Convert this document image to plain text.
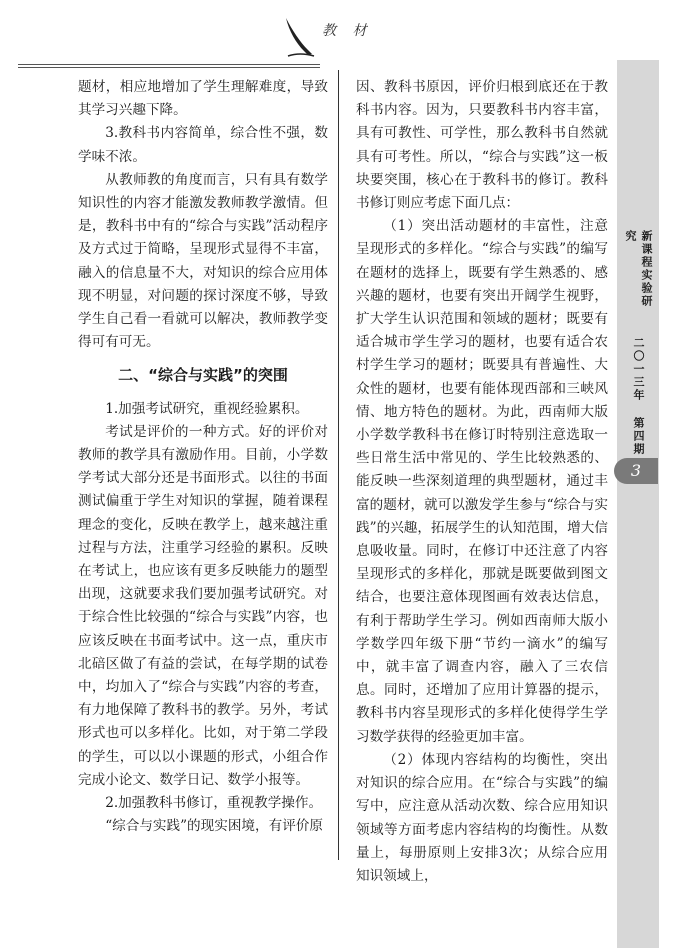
教 材

题材，相应地增加了学生理解难度，导致其学习兴趣下降。

3.教科书内容简单，综合性不强，数学味不浓。

从教师教的角度而言，只有具有数学知识性的内容才能激发教师教学激情。但是，教科书中有的“综合与实践”活动程序及方式过于简略，呈现形式显得不丰富，融入的信息量不大，对知识的综合应用体现不明显，对问题的探讨深度不够，导致学生自己看一看就可以解决，教师教学变得可有可无。

二、“综合与实践”的突围

1.加强考试研究，重视经验累积。

考试是评价的一种方式。好的评价对教师的教学具有激励作用。目前，小学数学考试大部分还是书面形式。以往的书面测试偏重于学生对知识的掌握，随着课程理念的变化，反映在教学上，越来越注重过程与方法，注重学习经验的累积。反映在考试上，也应该有更多反映能力的题型出现，这就要求我们要加强考试研究。对于综合性比较强的“综合与实践”内容，也应该反映在书面考试中。这一点，重庆市北碚区做了有益的尝试，在每学期的试卷中，均加入了“综合与实践”内容的考查，有力地保障了教科书的教学。另外，考试形式也可以多样化。比如，对于第二学段的学生，可以以小课题的形式，小组合作完成小论文、数学日记、数学小报等。

2.加强教科书修订，重视教学操作。

“综合与实践”的现实困境，有评价原

因、教科书原因，评价归根到底还在于教科书内容。因为，只要教科书内容丰富，具有可教性、可学性，那么教科书自然就具有可考性。所以，“综合与实践”这一板块要突围，核心在于教科书的修订。教科书修订则应考虑下面几点：

（1）突出活动题材的丰富性，注意呈现形式的多样化。“综合与实践”的编写在题材的选择上，既要有学生熟悉的、感兴趣的题材，也要有突出开阔学生视野，扩大学生认识范围和领域的题材；既要有适合城市学生学习的题材，也要有适合农村学生学习的题材；既要具有普遍性、大众性的题材，也要有能体现西部和三峡风情、地方特色的题材。为此，西南师大版小学数学教科书在修订时特别注意选取一些日常生活中常见的、学生比较熟悉的、能反映一些深刻道理的典型题材，通过丰富的题材，就可以激发学生参与“综合与实践”的兴趣，拓展学生的认知范围，增大信息吸收量。同时，在修订中还注意了内容呈现形式的多样化，那就是既要做到图文结合，也要注意体现图画有效表达信息，有利于帮助学生学习。例如西南师大版小学数学四年级下册“节约一滴水”的编写中，就丰富了调查内容，融入了三农信息。同时，还增加了应用计算器的提示，教科书内容呈现形式的多样化使得学生学习数学获得的经验更加丰富。

（2）体现内容结构的均衡性，突出对知识的综合应用。在“综合与实践”的编写中，应注意从活动次数、综合应用知识领域等方面考虑内容结构的均衡性。从数量上，每册原则上安排3次；从综合应用知识领域上，

新课程实验研究
二〇一三年 第四期
3
